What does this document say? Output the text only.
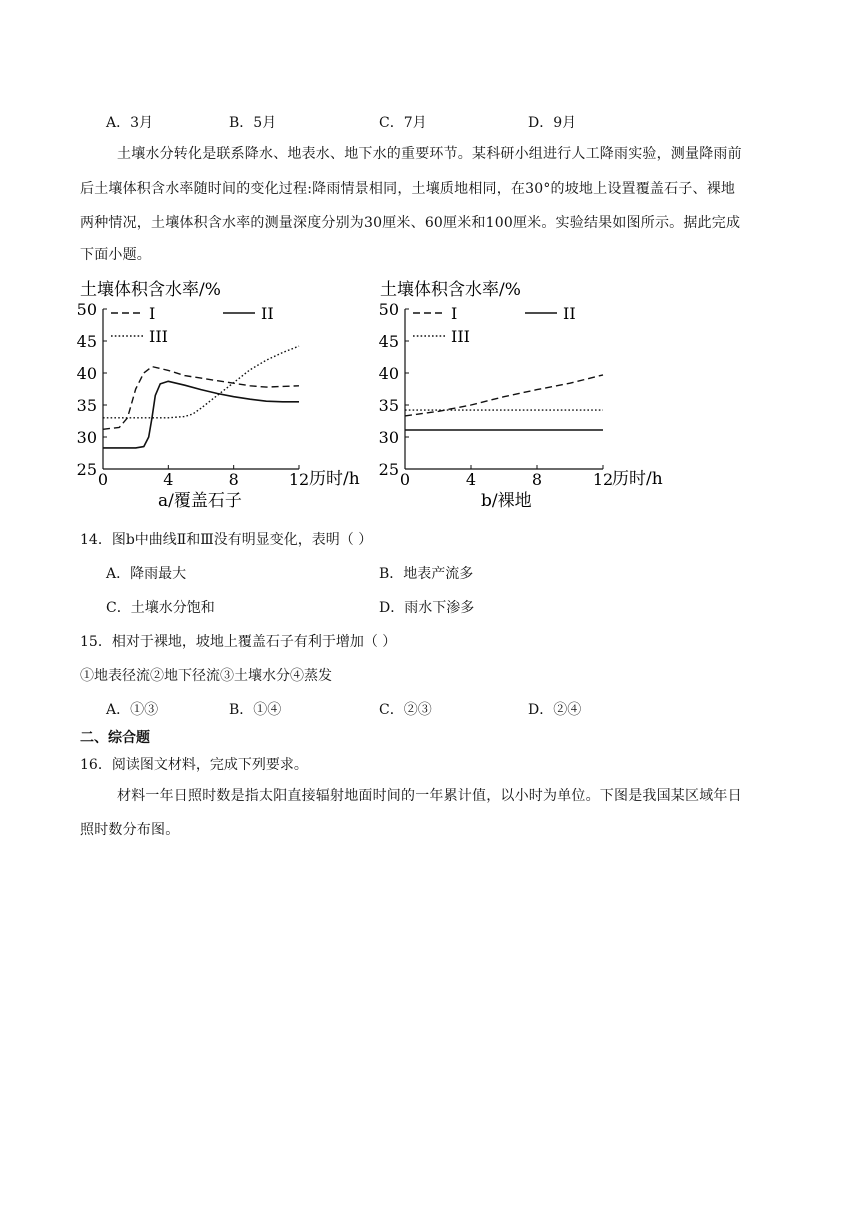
A．3月	B．5月	C．7月	D．9月
土壤水分转化是联系降水、地表水、地下水的重要环节。某科研小组进行人工降雨实验，测量降雨前
后土壤体积含水率随时间的变化过程:降雨情景相同，土壤质地相同，在30°的坡地上设置覆盖石子、裸地
两种情况，土壤体积含水率的测量深度分别为30厘米、60厘米和100厘米。实验结果如图所示。据此完成
下面小题。
土壤体积含水率/%
历时/h
a/覆盖石子
25
30
35
40
45
50
0	4	8	12
I	II
III
土壤体积含水率/%
历时/h
b/裸地
25
30
35
40
45
50
0	4	8	12
I	II
III
14．图b中曲线Ⅱ和Ⅲ没有明显变化，表明（ ）
A．降雨最大	B．地表产流多
C．土壤水分饱和	D．雨水下渗多
15．相对于裸地，坡地上覆盖石子有利于增加（ ）
①地表径流②地下径流③土壤水分④蒸发
A．①③	B．①④	C．②③	D．②④
二、综合题
16．阅读图文材料，完成下列要求。
材料一年日照时数是指太阳直接辐射地面时间的一年累计值，以小时为单位。下图是我国某区域年日
照时数分布图。
